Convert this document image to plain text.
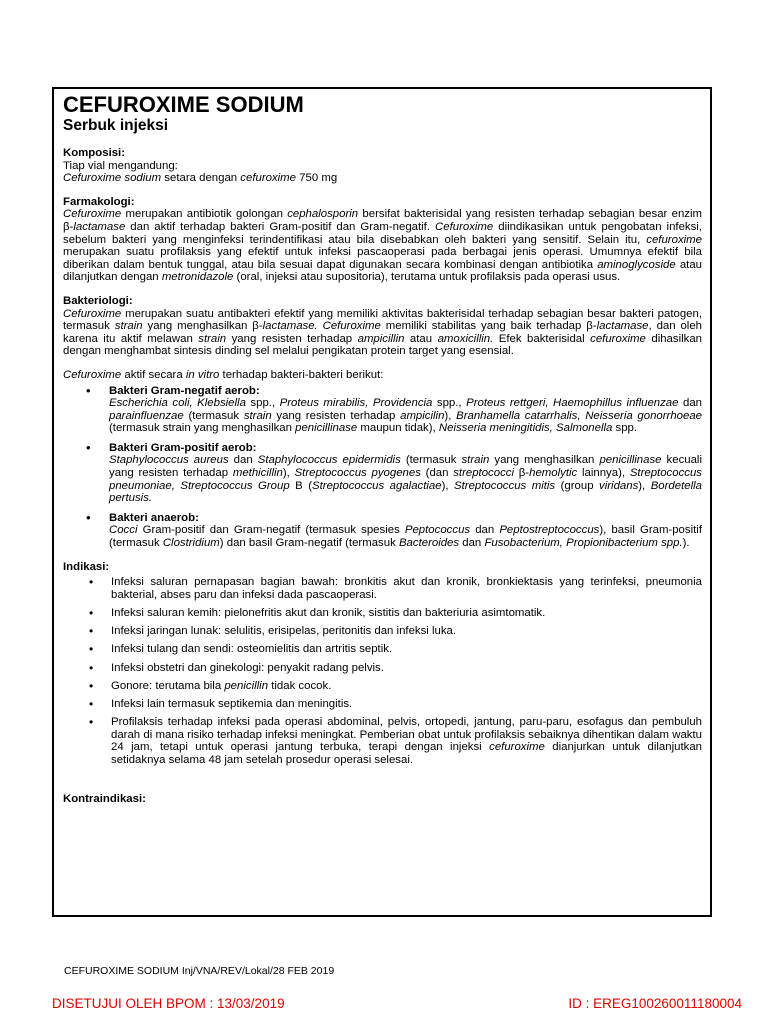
CEFUROXIME SODIUM
Serbuk injeksi
Komposisi:
Tiap vial mengandung:
Cefuroxime sodium setara dengan cefuroxime 750 mg
Farmakologi:
Cefuroxime merupakan antibiotik golongan cephalosporin bersifat bakterisidal yang resisten terhadap sebagian besar enzim β-lactamase dan aktif terhadap bakteri Gram-positif dan Gram-negatif. Cefuroxime diindikasikan untuk pengobatan infeksi, sebelum bakteri yang menginfeksi terindentifikasi atau bila disebabkan oleh bakteri yang sensitif. Selain itu, cefuroxime merupakan suatu profilaksis yang efektif untuk infeksi pascaoperasi pada berbagai jenis operasi. Umumnya efektif bila diberikan dalam bentuk tunggal, atau bila sesuai dapat digunakan secara kombinasi dengan antibiotika aminoglycoside atau dilanjutkan dengan metronidazole (oral, injeksi atau supositoria), terutama untuk profilaksis pada operasi usus.
Bakteriologi:
Cefuroxime merupakan suatu antibakteri efektif yang memiliki aktivitas bakterisidal terhadap sebagian besar bakteri patogen, termasuk strain yang menghasilkan β-lactamase. Cefuroxime memiliki stabilitas yang baik terhadap β-lactamase, dan oleh karena itu aktif melawan strain yang resisten terhadap ampicillin atau amoxicillin. Efek bakterisidal cefuroxime dihasilkan dengan menghambat sintesis dinding sel melalui pengikatan protein target yang esensial.
Cefuroxime aktif secara in vitro terhadap bakteri-bakteri berikut:
• Bakteri Gram-negatif aerob:
Escherichia coli, Klebsiella spp., Proteus mirabilis, Providencia spp., Proteus rettgeri, Haemophillus influenzae dan parainfluenzae (termasuk strain yang resisten terhadap ampicilin), Branhamella catarrhalis, Neisseria gonorrhoeae (termasuk strain yang menghasilkan penicillinase maupun tidak), Neisseria meningitidis, Salmonella spp.
• Bakteri Gram-positif aerob:
Staphylococcus aureus dan Staphylococcus epidermidis (termasuk strain yang menghasilkan penicillinase kecuali yang resisten terhadap methicillin), Streptococcus pyogenes (dan streptococci β-hemolytic lainnya), Streptococcus pneumoniae, Streptococcus Group B (Streptococcus agalactiae), Streptococcus mitis (group viridans), Bordetella pertusis.
• Bakteri anaerob:
Cocci Gram-positif dan Gram-negatif (termasuk spesies Peptococcus dan Peptostreptococcus), basil Gram-positif (termasuk Clostridium) dan basil Gram-negatif (termasuk Bacteroides dan Fusobacterium, Propionibacterium spp.).
Indikasi:
• Infeksi saluran pernapasan bagian bawah: bronkitis akut dan kronik, bronkiektasis yang terinfeksi, pneumonia bakterial, abses paru dan infeksi dada pascaoperasi.
• Infeksi saluran kemih: pielonefritis akut dan kronik, sistitis dan bakteriuria asimtomatik.
• Infeksi jaringan lunak: selulitis, erisipelas, peritonitis dan infeksi luka.
• Infeksi tulang dan sendi: osteomielitis dan artritis septik.
• Infeksi obstetri dan ginekologi: penyakit radang pelvis.
• Gonore: terutama bila penicillin tidak cocok.
• Infeksi lain termasuk septikemia dan meningitis.
• Profilaksis terhadap infeksi pada operasi abdominal, pelvis, ortopedi, jantung, paru-paru, esofagus dan pembuluh darah di mana risiko terhadap infeksi meningkat. Pemberian obat untuk profilaksis sebaiknya dihentikan dalam waktu 24 jam, tetapi untuk operasi jantung terbuka, terapi dengan injeksi cefuroxime dianjurkan untuk dilanjutkan setidaknya selama 48 jam setelah prosedur operasi selesai.
Kontraindikasi:
CEFUROXIME SODIUM Inj/VNA/REV/Lokal/28 FEB 2019
DISETUJUI OLEH BPOM : 13/03/2019	ID : EREG100260011180004
